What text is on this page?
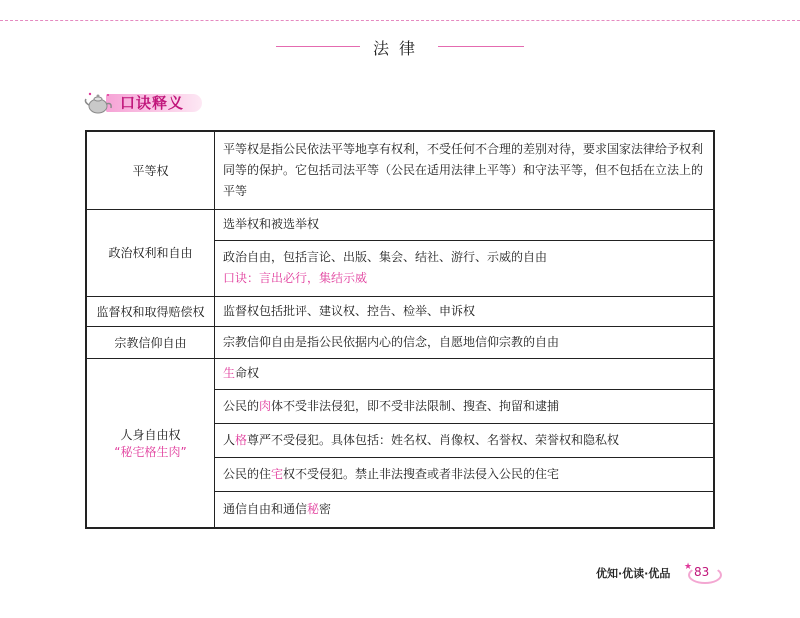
法律
口诀释义
平等权	平等权是指公民依法平等地享有权利，不受任何不合理的差别对待，要求国家法律给予权利同等的保护。它包括司法平等（公民在适用法律上平等）和守法平等，但不包括在立法上的平等
政治权利和自由	选举权和被选举权

	政治自由，包括言论、出版、集会、结社、游行、示威的自由
口诀：言出必行，集结示威

监督权和取得赔偿权	监督权包括批评、建议权、控告、检举、申诉权
宗教信仰自由	宗教信仰自由是指公民依据内心的信念，自愿地信仰宗教的自由

人身自由权
“秘宅格生肉”	生命权
	公民的肉体不受非法侵犯，即不受非法限制、搜查、拘留和逮捕
	人格尊严不受侵犯。具体包括：姓名权、肖像权、名誉权、荣誉权和隐私权
	公民的住宅权不受侵犯。禁止非法搜查或者非法侵入公民的住宅
	通信自由和通信秘密
优知·优读·优品 ★ 83
